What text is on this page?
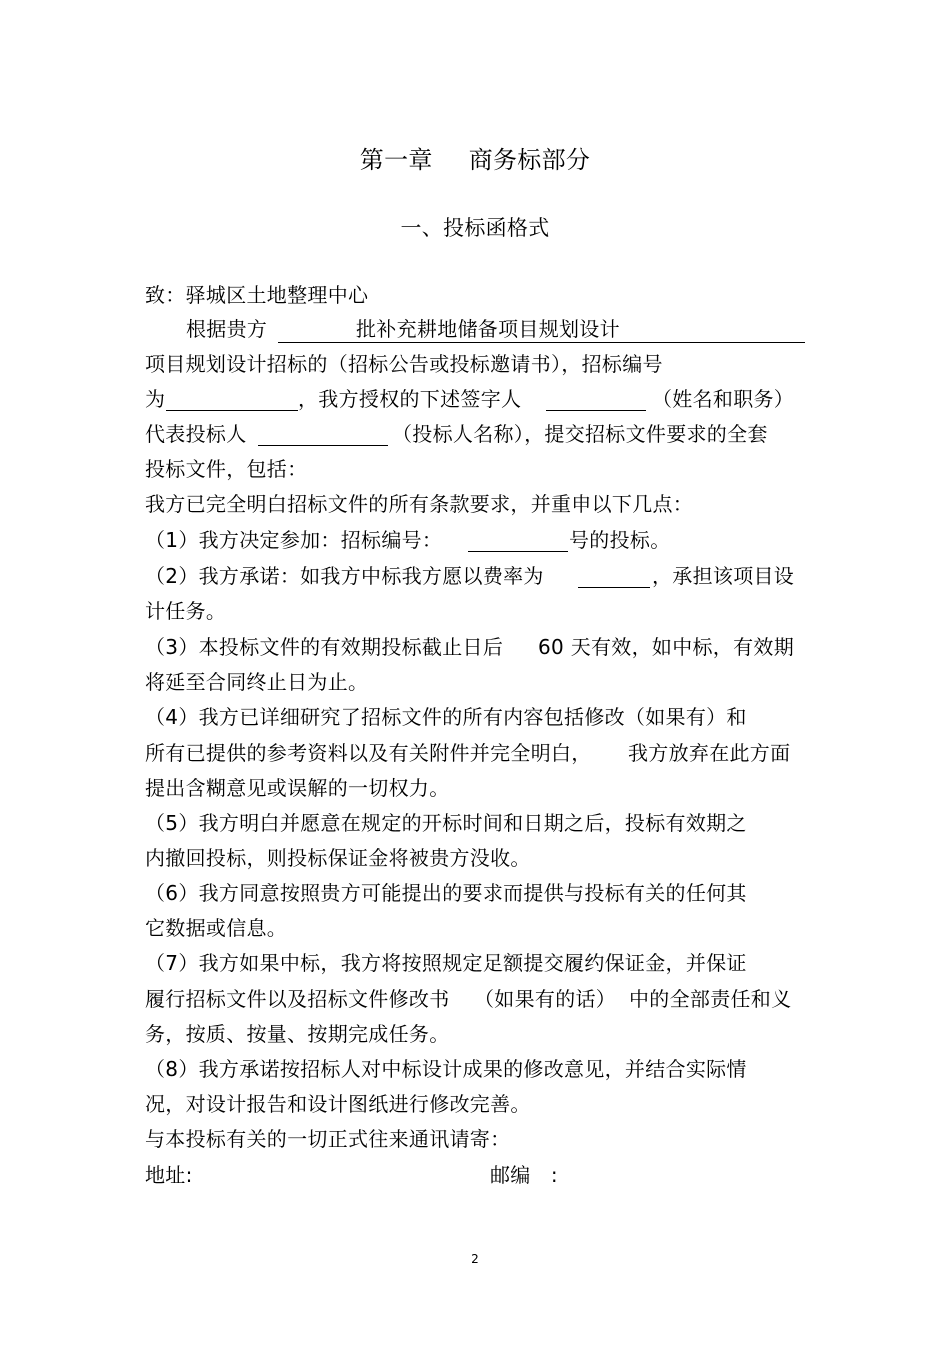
第一章 商务标部分
一、投标函格式
致：驿城区土地整理中心
根据贵方	批补充耕地储备项目规划设计
项目规划设计招标的（招标公告或投标邀请书），招标编号
为	，我方授权的下述签字人	（姓名和职务）
代表投标人	（投标人名称），提交招标文件要求的全套
投标文件，包括：
我方已完全明白招标文件的所有条款要求，并重申以下几点：
（1）我方决定参加：招标编号：	号的投标。
（2）我方承诺：如我方中标我方愿以费率为	，承担该项目设
计任务。
（3）本投标文件的有效期投标截止日后 60 天有效，如中标，有效期
将延至合同终止日为止。
（4）我方已详细研究了招标文件的所有内容包括修改（如果有）和
所有已提供的参考资料以及有关附件并完全明白， 我方放弃在此方面
提出含糊意见或误解的一切权力。
（5）我方明白并愿意在规定的开标时间和日期之后，投标有效期之
内撤回投标，则投标保证金将被贵方没收。
（6）我方同意按照贵方可能提出的要求而提供与投标有关的任何其
它数据或信息。
（7）我方如果中标，我方将按照规定足额提交履约保证金，并保证
履行招标文件以及招标文件修改书 （如果有的话） 中的全部责任和义
务，按质、按量、按期完成任务。
（8）我方承诺按招标人对中标设计成果的修改意见，并结合实际情
况，对设计报告和设计图纸进行修改完善。
与本投标有关的一切正式往来通讯请寄：
地址:	邮编　:
2
